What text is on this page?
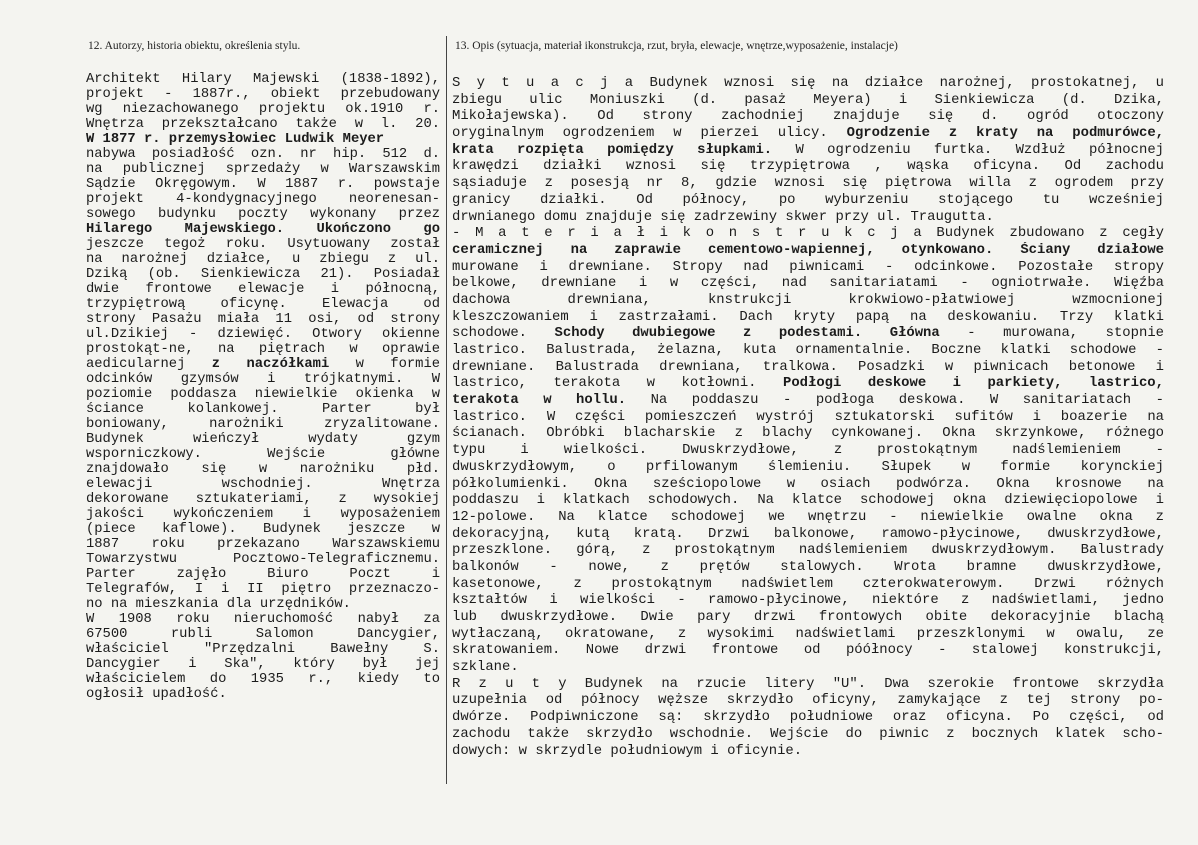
12. Autorzy, historia obiektu, określenia stylu.	13. Opis (sytuacja, materiał ikonstrukcja, rzut, bryła, elewacje, wnętrze,wyposażenie, instalacje)
Architekt Hilary Majewski (1838-1892),
projekt - 1887r., obiekt przebudowany
wg niezachowanego projektu ok.1910 r.
Wnętrza przekształcano także w l. 20.
W 1877 r. przemysłowiec Ludwik Meyer
nabywa posiadłość ozn. nr hip. 512 d.
na publicznej sprzedaży w Warszawskim
Sądzie Okręgowym. W 1887 r. powstaje
projekt 4-kondygnacyjnego neorenesan-
sowego budynku poczty wykonany przez
Hilarego Majewskiego. Ukończono go
jeszcze tegoż roku. Usytuowany został
na narożnej działce, u zbiegu z ul.
Dziką (ob. Sienkiewicza 21). Posiadał
dwie frontowe elewacje i północną,
trzypiętrową oficynę. Elewacja od
strony Pasażu miała 11 osi, od strony
ul.Dzikiej - dziewięć. Otwory okienne
prostokąt-ne, na piętrach w oprawie
aedicularnej z naczółkami w formie
odcinków gzymsów i trójkatnymi. W
poziomie poddasza niewielkie okienka w
ściance kolankowej. Parter był
boniowany, narożniki zryzalitowane.
Budynek wieńczył wydaty gzym
wsporniczkowy. Wejście główne
znajdowało się w narożniku płd.
elewacji wschodniej. Wnętrza
dekorowane sztukateriami, z wysokiej
jakości wykończeniem i wyposażeniem
(piece kaflowe). Budynek jeszcze w
1887 roku przekazano Warszawskiemu
Towarzystwu Pocztowo-Telegraficznemu.
Parter zajęło Biuro Poczt i
Telegrafów, I i II piętro przeznaczo-
no na mieszkania dla urzędników.
W 1908 roku nieruchomość nabył za
67500 rubli Salomon Dancygier,
właściciel "Przędzalni Bawełny S.
Dancygier i Ska", który był jej
właścicielem do 1935 r., kiedy to
ogłosił upadłość.
S y t u a c j a Budynek wznosi się na działce narożnej, prostokatnej, u
zbiegu ulic Moniuszki (d. pasaż Meyera) i Sienkiewicza (d. Dzika,
Mikołajewska). Od strony zachodniej znajduje się d. ogród otoczony
oryginalnym ogrodzeniem w pierzei ulicy. Ogrodzenie z kraty na podmurówce,
krata rozpięta pomiędzy słupkami. W ogrodzeniu furtka. Wzdłuż północnej
krawędzi działki wznosi się trzypiętrowa , wąska oficyna. Od zachodu
sąsiaduje z posesją nr 8, gdzie wznosi się piętrowa willa z ogrodem przy
granicy działki. Od północy, po wyburzeniu stojącego tu wcześniej
drwnianego domu znajduje się zadrzewiny skwer przy ul. Traugutta.
- M a t e r i a ł i k o n s t r u k c j a Budynek zbudowano z cegły
ceramicznej na zaprawie cementowo-wapiennej, otynkowano. Ściany działowe
murowane i drewniane. Stropy nad piwnicami - odcinkowe. Pozostałe stropy
belkowe, drewniane i w części, nad sanitariatami - ogniotrwałe. Więźba
dachowa drewniana, knstrukcji krokwiowo-płatwiowej wzmocnionej
kleszczowaniem i zastrzałami. Dach kryty papą na deskowaniu. Trzy klatki
schodowe. Schody dwubiegowe z podestami. Główna - murowana, stopnie
lastrico. Balustrada, żelazna, kuta ornamentalnie. Boczne klatki schodowe -
drewniane. Balustrada drewniana, tralkowa. Posadzki w piwnicach betonowe i
lastrico, terakota w kotłowni. Podłogi deskowe i parkiety, lastrico,
terakota w hollu. Na poddaszu - podłoga deskowa. W sanitariatach -
lastrico. W części pomieszczeń wystrój sztukatorski sufitów i boazerie na
ścianach. Obróbki blacharskie z blachy cynkowanej. Okna skrzynkowe, różnego
typu i wielkości. Dwuskrzydłowe, z prostokątnym nadślemieniem -
dwuskrzydłowym, o prfilowanym ślemieniu. Słupek w formie korynckiej
półkolumienki. Okna sześciopolowe w osiach podwórza. Okna krosnowe na
poddaszu i klatkach schodowych. Na klatce schodowej okna dziewięciopolowe i
12-polowe. Na klatce schodowej we wnętrzu - niewielkie owalne okna z
dekoracyjną, kutą kratą. Drzwi balkonowe, ramowo-płycinowe, dwuskrzydłowe,
przeszklone. górą, z prostokątnym nadślemieniem dwuskrzydłowym. Balustrady
balkonów - nowe, z prętów stalowych. Wrota bramne dwuskrzydłowe,
kasetonowe, z prostokątnym nadświetlem czterokwaterowym. Drzwi różnych
kształtów i wielkości - ramowo-płycinowe, niektóre z nadświetlami, jedno
lub dwuskrzydłowe. Dwie pary drzwi frontowych obite dekoracyjnie blachą
wytłaczaną, okratowane, z wysokimi nadświetlami przeszklonymi w owalu, ze
skratowaniem. Nowe drzwi frontowe od póółnocy - stalowej konstrukcji,
szklane.
R z u t y Budynek na rzucie litery "U". Dwa szerokie frontowe skrzydła
uzupełnia od północy węższe skrzydło oficyny, zamykające z tej strony po-
dwórze. Podpiwniczone są: skrzydło południowe oraz oficyna. Po części, od
zachodu także skrzydło wschodnie. Wejście do piwnic z bocznych klatek scho-
dowych: w skrzydle południowym i oficynie.
